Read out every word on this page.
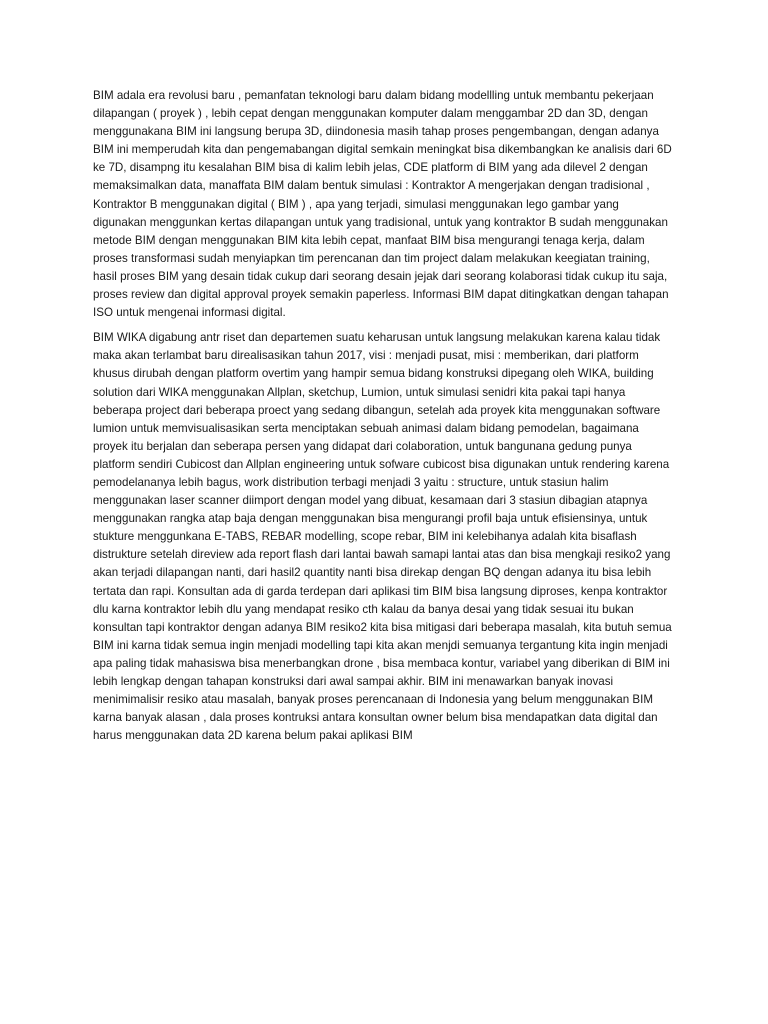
BIM adala era revolusi baru , pemanfatan teknologi baru dalam bidang modellling untuk membantu pekerjaan dilapangan ( proyek ) , lebih cepat dengan menggunakan komputer dalam menggambar 2D dan 3D, dengan menggunakana BIM ini langsung berupa 3D, diindonesia masih tahap proses pengembangan, dengan adanya BIM ini memperudah kita dan pengemabangan digital semkain meningkat bisa dikembangkan ke analisis dari 6D ke 7D, disampng itu kesalahan BIM bisa di kalim lebih jelas, CDE platform di BIM yang ada dilevel 2 dengan memaksimalkan data, manaffata BIM dalam bentuk simulasi : Kontraktor A mengerjakan dengan tradisional , Kontraktor B menggunakan digital ( BIM ) , apa yang terjadi, simulasi menggunakan lego gambar yang digunakan menggunkan kertas dilapangan untuk yang tradisional, untuk yang kontraktor B sudah menggunakan metode BIM dengan menggunakan BIM kita lebih cepat, manfaat BIM bisa mengurangi tenaga kerja, dalam proses transformasi sudah menyiapkan tim perencanan dan tim project dalam melakukan keegiatan training, hasil proses BIM yang desain tidak cukup dari seorang desain jejak dari seorang kolaborasi tidak cukup itu saja, proses review dan digital approval proyek semakin paperless. Informasi BIM dapat ditingkatkan dengan tahapan ISO untuk mengenai informasi digital.

BIM WIKA digabung antr riset dan departemen suatu keharusan untuk langsung melakukan karena kalau tidak maka akan terlambat baru direalisasikan tahun 2017, visi : menjadi pusat, misi : memberikan, dari platform khusus dirubah dengan platform overtim yang hampir semua bidang konstruksi dipegang oleh WIKA, building solution dari WIKA menggunakan Allplan, sketchup, Lumion, untuk simulasi senidri kita pakai tapi hanya beberapa project dari beberapa proect yang sedang dibangun, setelah ada proyek kita menggunakan software lumion untuk memvisualisasikan serta menciptakan sebuah animasi dalam bidang pemodelan, bagaimana proyek itu berjalan dan seberapa persen yang didapat dari colaboration, untuk bangunana gedung punya platform sendiri Cubicost dan Allplan engineering untuk sofware cubicost bisa digunakan untuk rendering karena pemodelananya lebih bagus, work distribution terbagi menjadi 3 yaitu : structure, untuk stasiun halim menggunakan laser scanner diimport dengan model yang dibuat, kesamaan dari 3 stasiun dibagian atapnya menggunakan rangka atap baja dengan menggunakan bisa mengurangi profil baja untuk efisiensinya, untuk stukture menggunkana E-TABS, REBAR modelling, scope rebar, BIM ini kelebihanya adalah kita bisaflash distrukture setelah direview ada report flash dari lantai bawah samapi lantai atas dan bisa mengkaji resiko2 yang akan terjadi dilapangan nanti, dari hasil2 quantity nanti bisa direkap dengan BQ dengan adanya itu bisa lebih tertata dan rapi. Konsultan ada di garda terdepan dari aplikasi tim BIM bisa langsung diproses, kenpa kontraktor dlu karna kontraktor lebih dlu yang mendapat resiko cth kalau da banya desai yang tidak sesuai itu bukan konsultan tapi kontraktor dengan adanya BIM resiko2 kita bisa mitigasi dari beberapa masalah, kita butuh semua BIM ini karna tidak semua ingin menjadi modelling tapi kita akan menjdi semuanya tergantung kita ingin menjadi apa paling tidak mahasiswa bisa menerbangkan drone , bisa membaca kontur, variabel yang diberikan di BIM ini lebih lengkap dengan tahapan konstruksi dari awal sampai akhir. BIM ini menawarkan banyak inovasi menimimalisir resiko atau masalah, banyak proses perencanaan di Indonesia yang belum menggunakan BIM karna banyak alasan , dala proses kontruksi antara konsultan owner belum bisa mendapatkan data digital dan harus menggunakan data 2D karena belum pakai aplikasi BIM
